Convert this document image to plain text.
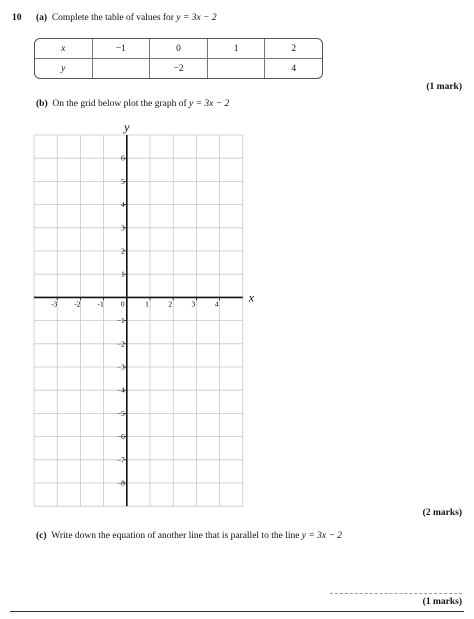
10 (a) Complete the table of values for y = 3x − 2
x	−1	0	1	2
y		−2		4
(1 mark)
(b) On the grid below plot the graph of y = 3x − 2
-3 -2 -1	1	2	3	4
6
5
4
3
2
1
−1
−2
−3
−4
−5
−6
−7
−8
x
y
0
(2 marks)
(c) Write down the equation of another line that is parallel to the line y = 3x − 2
(1 marks)
